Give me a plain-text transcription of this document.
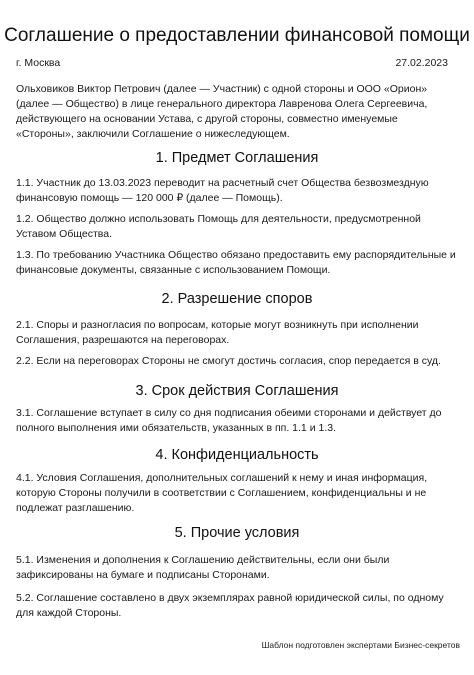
Соглашение о предоставлении финансовой помощи
г. Москва	27.02.2023

Ольховиков Виктор Петрович (далее — Участник) с одной стороны и ООО «Орион» (далее — Общество) в лице генерального директора Лавренова Олега Сергеевича, действующего на основании Устава, с другой стороны, совместно именуемые «Стороны», заключили Соглашение о нижеследующем.

1. Предмет Соглашения

1.1. Участник до 13.03.2023 переводит на расчетный счет Общества безвозмездную финансовую помощь — 120 000 ₽ (далее — Помощь).

1.2. Общество должно использовать Помощь для деятельности, предусмотренной Уставом Общества.

1.3. По требованию Участника Общество обязано предоставить ему распорядительные и финансовые документы, связанные с использованием Помощи.

2. Разрешение споров

2.1. Споры и разногласия по вопросам, которые могут возникнуть при исполнении Соглашения, разрешаются на переговорах.

2.2. Если на переговорах Стороны не смогут достичь согласия, спор передается в суд.

3. Срок действия Соглашения

3.1. Соглашение вступает в силу со дня подписания обеими сторонами и действует до полного выполнения ими обязательств, указанных в пп. 1.1 и 1.3.

4. Конфиденциальность

4.1. Условия Соглашения, дополнительных соглашений к нему и иная информация, которую Стороны получили в соответствии с Соглашением, конфиденциальны и не подлежат разглашению.

5. Прочие условия

5.1. Изменения и дополнения к Соглашению действительны, если они были зафиксированы на бумаге и подписаны Сторонами.

5.2. Соглашение составлено в двух экземплярах равной юридической силы, по одному для каждой Стороны.

Шаблон подготовлен экспертами Бизнес-секретов
